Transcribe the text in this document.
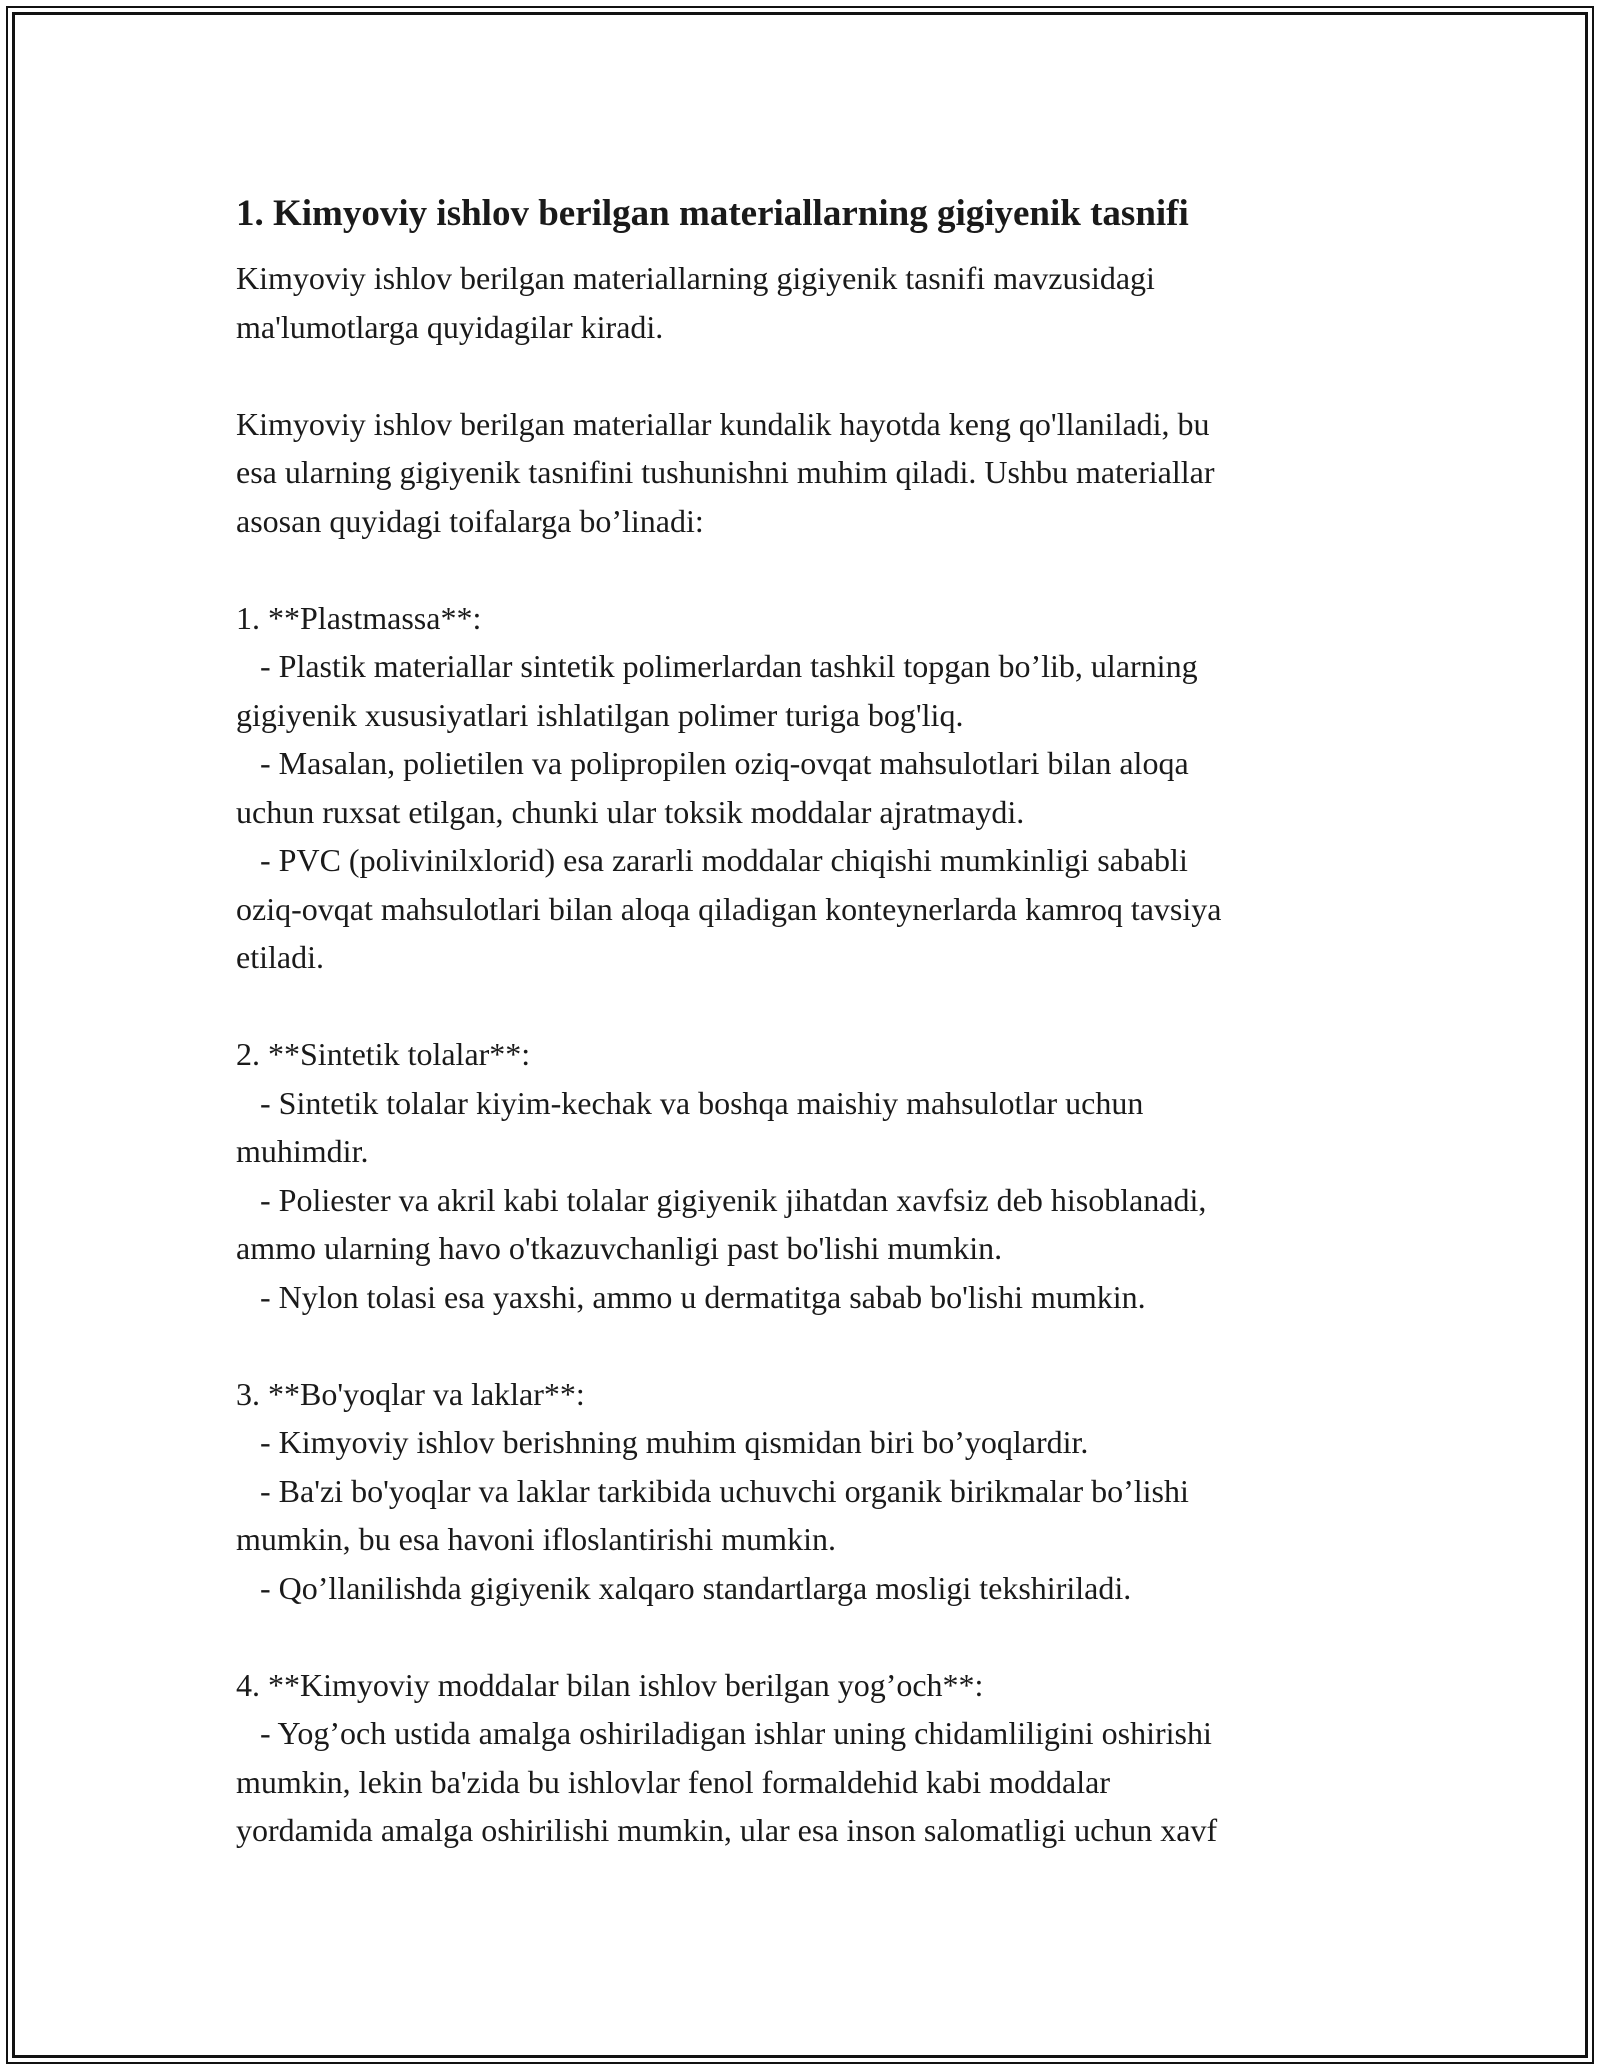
1. Kimyoviy ishlov berilgan materiallarning gigiyenik tasnifi

Kimyoviy ishlov berilgan materiallarning gigiyenik tasnifi mavzusidagi
ma'lumotlarga quyidagilar kiradi.

Kimyoviy ishlov berilgan materiallar kundalik hayotda keng qo'llaniladi, bu
esa ularning gigiyenik tasnifini tushunishni muhim qiladi. Ushbu materiallar
asosan quyidagi toifalarga bo’linadi:

1. **Plastmassa**:
- Plastik materiallar sintetik polimerlardan tashkil topgan bo’lib, ularning
gigiyenik xususiyatlari ishlatilgan polimer turiga bog'liq.
- Masalan, polietilen va polipropilen oziq-ovqat mahsulotlari bilan aloqa
uchun ruxsat etilgan, chunki ular toksik moddalar ajratmaydi.
- PVC (polivinilxlorid) esa zararli moddalar chiqishi mumkinligi sababli
oziq-ovqat mahsulotlari bilan aloqa qiladigan konteynerlarda kamroq tavsiya
etiladi.

2. **Sintetik tolalar**:
- Sintetik tolalar kiyim-kechak va boshqa maishiy mahsulotlar uchun
muhimdir.
- Poliester va akril kabi tolalar gigiyenik jihatdan xavfsiz deb hisoblanadi,
ammo ularning havo o'tkazuvchanligi past bo'lishi mumkin.
- Nylon tolasi esa yaxshi, ammo u dermatitga sabab bo'lishi mumkin.

3. **Bo'yoqlar va laklar**:
- Kimyoviy ishlov berishning muhim qismidan biri bo’yoqlardir.
- Ba'zi bo'yoqlar va laklar tarkibida uchuvchi organik birikmalar bo’lishi
mumkin, bu esa havoni ifloslantirishi mumkin.
- Qo’llanilishda gigiyenik xalqaro standartlarga mosligi tekshiriladi.

4. **Kimyoviy moddalar bilan ishlov berilgan yog’och**:
- Yog’och ustida amalga oshiriladigan ishlar uning chidamliligini oshirishi
mumkin, lekin ba'zida bu ishlovlar fenol formaldehid kabi moddalar
yordamida amalga oshirilishi mumkin, ular esa inson salomatligi uchun xavf
